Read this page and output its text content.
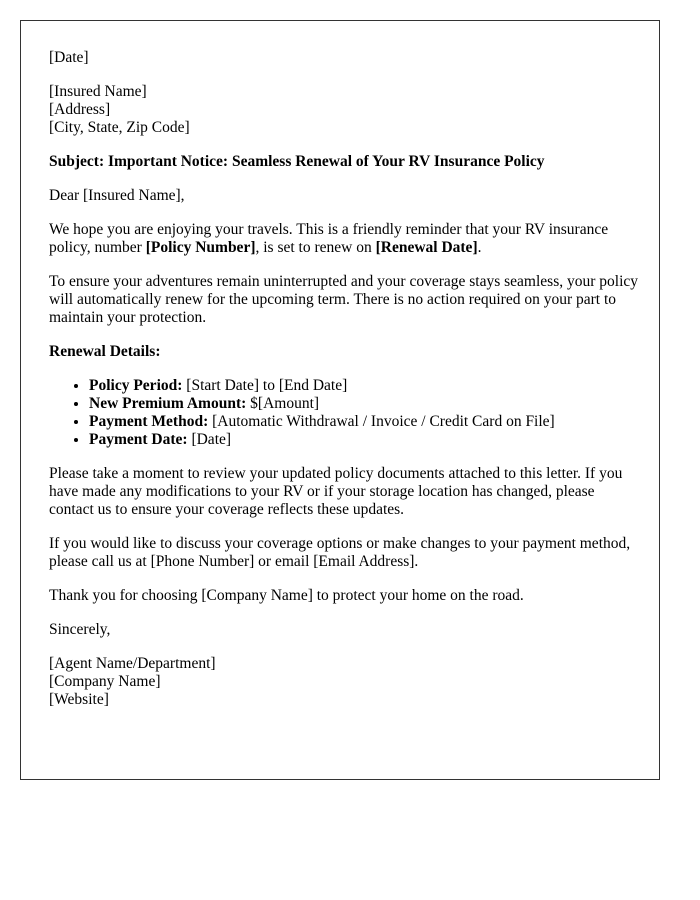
[Date]

[Insured Name]
[Address]
[City, State, Zip Code]

Subject: Important Notice: Seamless Renewal of Your RV Insurance Policy

Dear [Insured Name],

We hope you are enjoying your travels. This is a friendly reminder that your RV insurance policy, number [Policy Number], is set to renew on [Renewal Date].

To ensure your adventures remain uninterrupted and your coverage stays seamless, your policy will automatically renew for the upcoming term. There is no action required on your part to maintain your protection.

Renewal Details:

• Policy Period: [Start Date] to [End Date]
• New Premium Amount: $[Amount]
• Payment Method: [Automatic Withdrawal / Invoice / Credit Card on File]
• Payment Date: [Date]

Please take a moment to review your updated policy documents attached to this letter. If you have made any modifications to your RV or if your storage location has changed, please contact us to ensure your coverage reflects these updates.

If you would like to discuss your coverage options or make changes to your payment method, please call us at [Phone Number] or email [Email Address].

Thank you for choosing [Company Name] to protect your home on the road.

Sincerely,

[Agent Name/Department]
[Company Name]
[Website]
